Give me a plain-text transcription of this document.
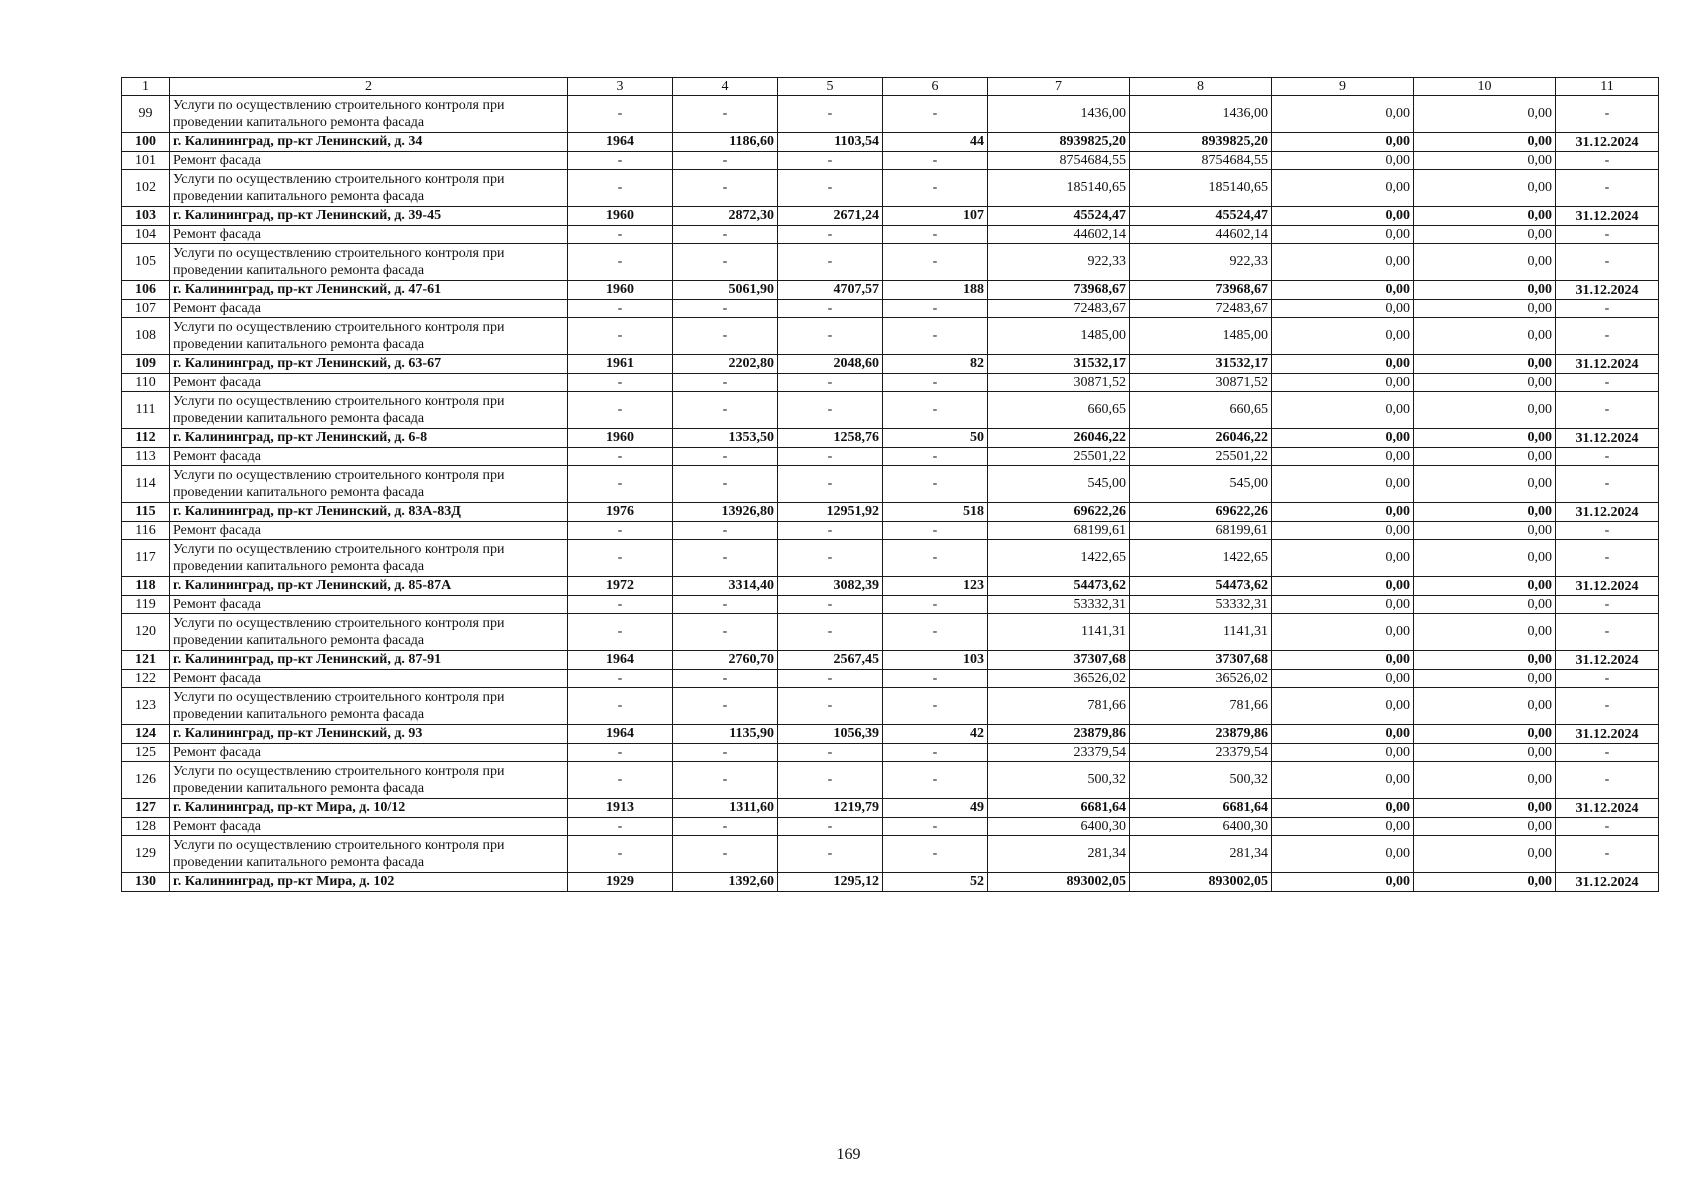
1	2	3	4	5	6	7	8	9	10	11
99	Услуги по осуществлению строительного контроля при проведении капитального ремонта фасада	-	-	-	-	1436,00	1436,00	0,00	0,00	-
100	г. Калининград, пр-кт Ленинский, д. 34	1964	1186,60	1103,54	44	8939825,20	8939825,20	0,00	0,00	31.12.2024
101	Ремонт фасада	-	-	-	-	8754684,55	8754684,55	0,00	0,00	-
102	Услуги по осуществлению строительного контроля при проведении капитального ремонта фасада	-	-	-	-	185140,65	185140,65	0,00	0,00	-
103	г. Калининград, пр-кт Ленинский, д. 39-45	1960	2872,30	2671,24	107	45524,47	45524,47	0,00	0,00	31.12.2024
104	Ремонт фасада	-	-	-	-	44602,14	44602,14	0,00	0,00	-
105	Услуги по осуществлению строительного контроля при проведении капитального ремонта фасада	-	-	-	-	922,33	922,33	0,00	0,00	-
106	г. Калининград, пр-кт Ленинский, д. 47-61	1960	5061,90	4707,57	188	73968,67	73968,67	0,00	0,00	31.12.2024
107	Ремонт фасада	-	-	-	-	72483,67	72483,67	0,00	0,00	-
108	Услуги по осуществлению строительного контроля при проведении капитального ремонта фасада	-	-	-	-	1485,00	1485,00	0,00	0,00	-
109	г. Калининград, пр-кт Ленинский, д. 63-67	1961	2202,80	2048,60	82	31532,17	31532,17	0,00	0,00	31.12.2024
110	Ремонт фасада	-	-	-	-	30871,52	30871,52	0,00	0,00	-
111	Услуги по осуществлению строительного контроля при проведении капитального ремонта фасада	-	-	-	-	660,65	660,65	0,00	0,00	-
112	г. Калининград, пр-кт Ленинский, д. 6-8	1960	1353,50	1258,76	50	26046,22	26046,22	0,00	0,00	31.12.2024
113	Ремонт фасада	-	-	-	-	25501,22	25501,22	0,00	0,00	-
114	Услуги по осуществлению строительного контроля при проведении капитального ремонта фасада	-	-	-	-	545,00	545,00	0,00	0,00	-
115	г. Калининград, пр-кт Ленинский, д. 83А-83Д	1976	13926,80	12951,92	518	69622,26	69622,26	0,00	0,00	31.12.2024
116	Ремонт фасада	-	-	-	-	68199,61	68199,61	0,00	0,00	-
117	Услуги по осуществлению строительного контроля при проведении капитального ремонта фасада	-	-	-	-	1422,65	1422,65	0,00	0,00	-
118	г. Калининград, пр-кт Ленинский, д. 85-87А	1972	3314,40	3082,39	123	54473,62	54473,62	0,00	0,00	31.12.2024
119	Ремонт фасада	-	-	-	-	53332,31	53332,31	0,00	0,00	-
120	Услуги по осуществлению строительного контроля при проведении капитального ремонта фасада	-	-	-	-	1141,31	1141,31	0,00	0,00	-
121	г. Калининград, пр-кт Ленинский, д. 87-91	1964	2760,70	2567,45	103	37307,68	37307,68	0,00	0,00	31.12.2024
122	Ремонт фасада	-	-	-	-	36526,02	36526,02	0,00	0,00	-
123	Услуги по осуществлению строительного контроля при проведении капитального ремонта фасада	-	-	-	-	781,66	781,66	0,00	0,00	-
124	г. Калининград, пр-кт Ленинский, д. 93	1964	1135,90	1056,39	42	23879,86	23879,86	0,00	0,00	31.12.2024
125	Ремонт фасада	-	-	-	-	23379,54	23379,54	0,00	0,00	-
126	Услуги по осуществлению строительного контроля при проведении капитального ремонта фасада	-	-	-	-	500,32	500,32	0,00	0,00	-
127	г. Калининград, пр-кт Мира, д. 10/12	1913	1311,60	1219,79	49	6681,64	6681,64	0,00	0,00	31.12.2024
128	Ремонт фасада	-	-	-	-	6400,30	6400,30	0,00	0,00	-
129	Услуги по осуществлению строительного контроля при проведении капитального ремонта фасада	-	-	-	-	281,34	281,34	0,00	0,00	-
130	г. Калининград, пр-кт Мира, д. 102	1929	1392,60	1295,12	52	893002,05	893002,05	0,00	0,00	31.12.2024
169
